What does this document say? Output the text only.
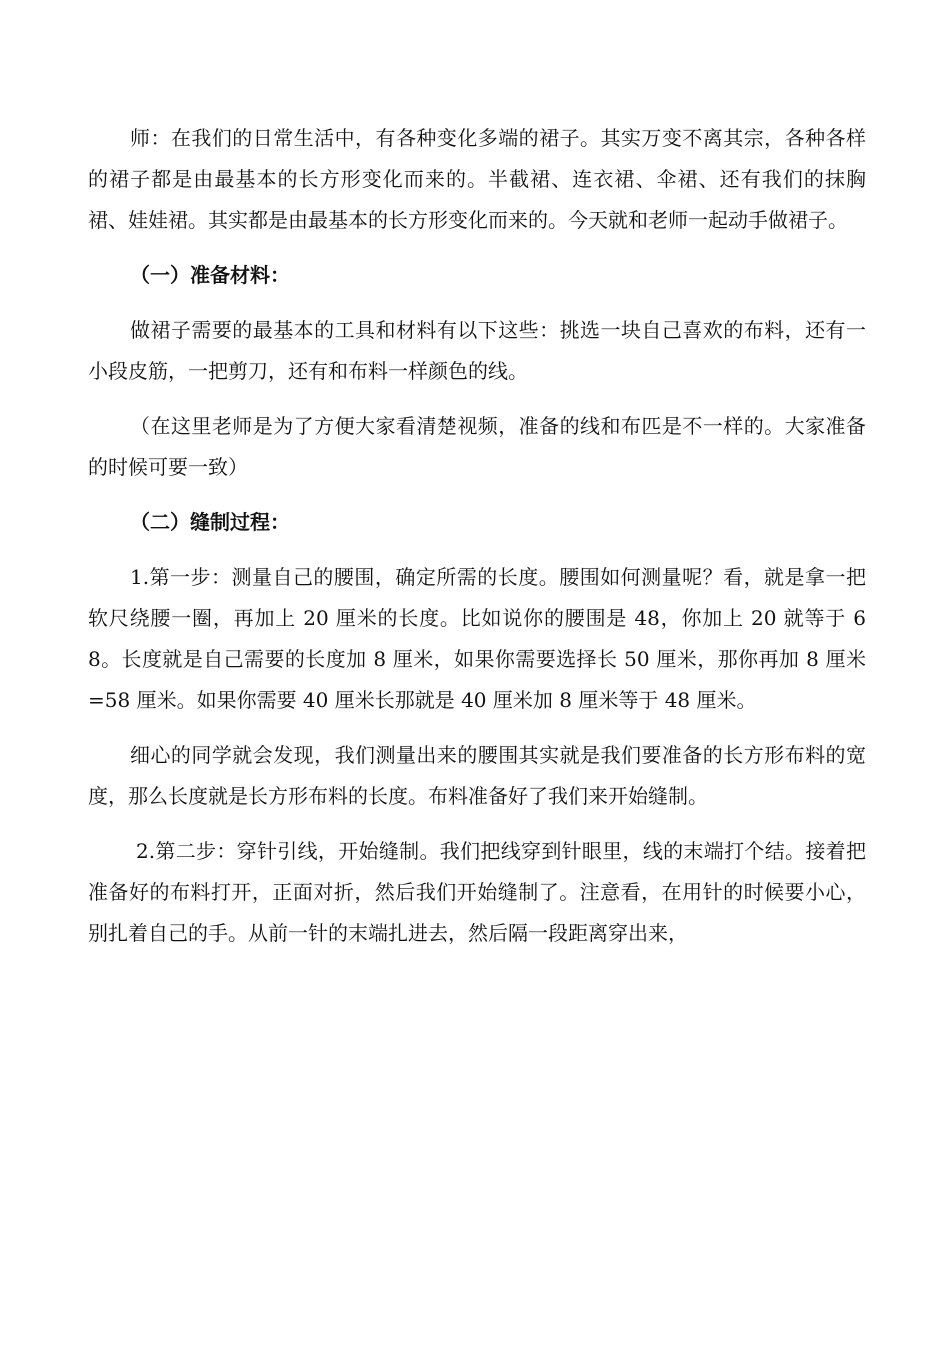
师：在我们的日常生活中，有各种变化多端的裙子。其实万变不离其宗，各种各样的裙子都是由最基本的长方形变化而来的。半截裙、连衣裙、伞裙、还有我们的抹胸裙、娃娃裙。其实都是由最基本的长方形变化而来的。今天就和老师一起动手做裙子。

（一）准备材料：

做裙子需要的最基本的工具和材料有以下这些：挑选一块自己喜欢的布料，还有一小段皮筋，一把剪刀，还有和布料一样颜色的线。

（在这里老师是为了方便大家看清楚视频，准备的线和布匹是不一样的。大家准备的时候可要一致）

（二）缝制过程：

1.第一步：测量自己的腰围，确定所需的长度。腰围如何测量呢？看，就是拿一把软尺绕腰一圈，再加上 20 厘米的长度。比如说你的腰围是 48，你加上 20 就等于 68。长度就是自己需要的长度加 8 厘米，如果你需要选择长 50 厘米，那你再加 8 厘米=58 厘米。如果你需要 40 厘米长那就是 40 厘米加 8 厘米等于 48 厘米。

细心的同学就会发现，我们测量出来的腰围其实就是我们要准备的长方形布料的宽度，那么长度就是长方形布料的长度。布料准备好了我们来开始缝制。

2.第二步：穿针引线，开始缝制。我们把线穿到针眼里，线的末端打个结。接着把准备好的布料打开，正面对折，然后我们开始缝制了。注意看，在用针的时候要小心，别扎着自己的手。从前一针的末端扎进去，然后隔一段距离穿出来，
